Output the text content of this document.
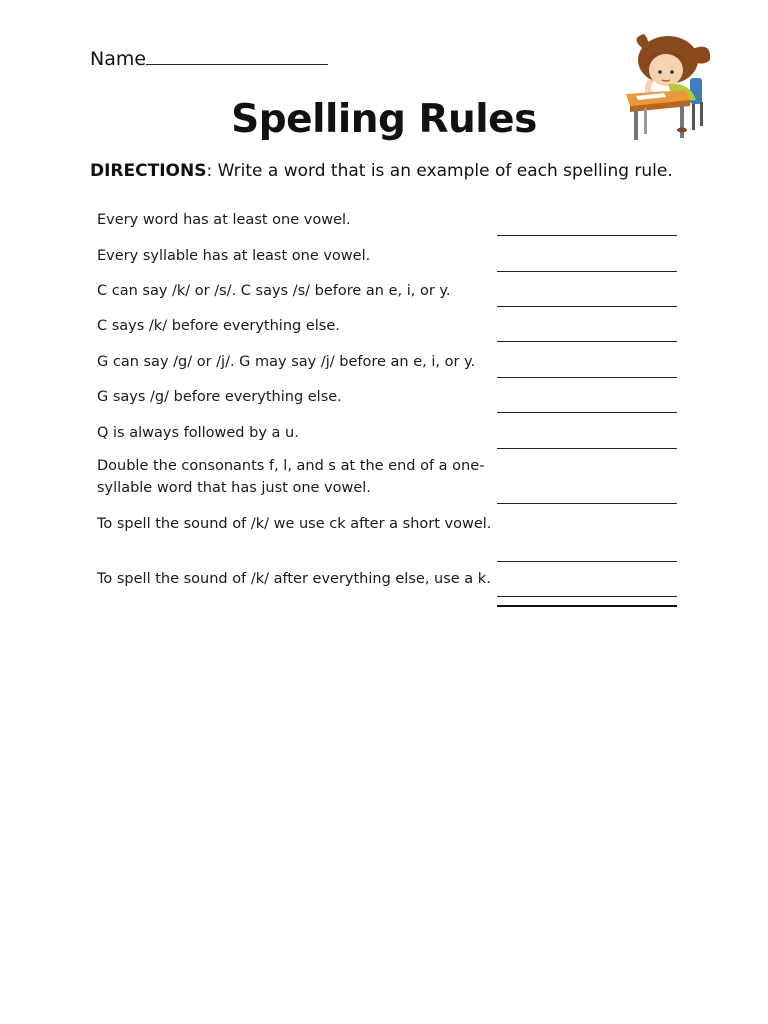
Name
Spelling Rules
DIRECTIONS: Write a word that is an example of each spelling rule.
Every word has at least one vowel.
Every syllable has at least one vowel.
C can say /k/ or /s/. C says /s/ before an e, i, or y.
C says /k/ before everything else.
G can say /g/ or /j/. G may say /j/ before an e, i, or y.
G says /g/ before everything else.
Q is always followed by a u.
Double the consonants f, l, and s at the end of a one-syllable word that has just one vowel.
To spell the sound of /k/ we use ck after a short vowel.
To spell the sound of /k/ after everything else, use a k.
